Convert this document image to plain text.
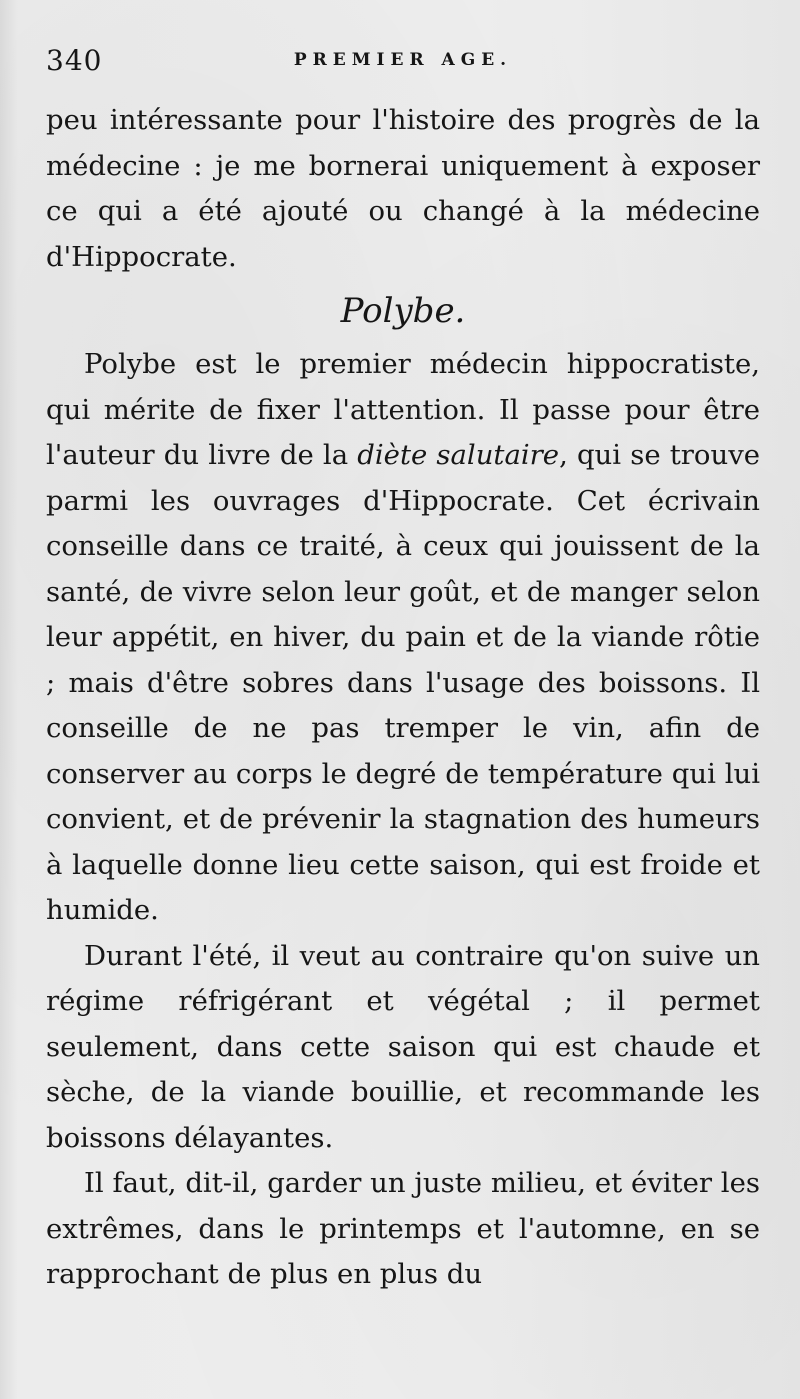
340	PREMIER AGE.

peu intéressante pour l'histoire des progrès de la médecine : je me bornerai uniquement à exposer ce qui a été ajouté ou changé à la médecine d'Hippocrate.

Polybe.

Polybe est le premier médecin hippocratiste, qui mérite de fixer l'attention. Il passe pour être l'auteur du livre de la diète salutaire, qui se trouve parmi les ouvrages d'Hippocrate. Cet écrivain conseille dans ce traité, à ceux qui jouissent de la santé, de vivre selon leur goût, et de manger selon leur appétit, en hiver, du pain et de la viande rôtie ; mais d'être sobres dans l'usage des boissons. Il conseille de ne pas tremper le vin, afin de conserver au corps le degré de température qui lui convient, et de prévenir la stagnation des humeurs à laquelle donne lieu cette saison, qui est froide et humide.

Durant l'été, il veut au contraire qu'on suive un régime réfrigérant et végétal ; il permet seulement, dans cette saison qui est chaude et sèche, de la viande bouillie, et recommande les boissons délayantes.

Il faut, dit-il, garder un juste milieu, et éviter les extrêmes, dans le printemps et l'automne, en se rapprochant de plus en plus du
